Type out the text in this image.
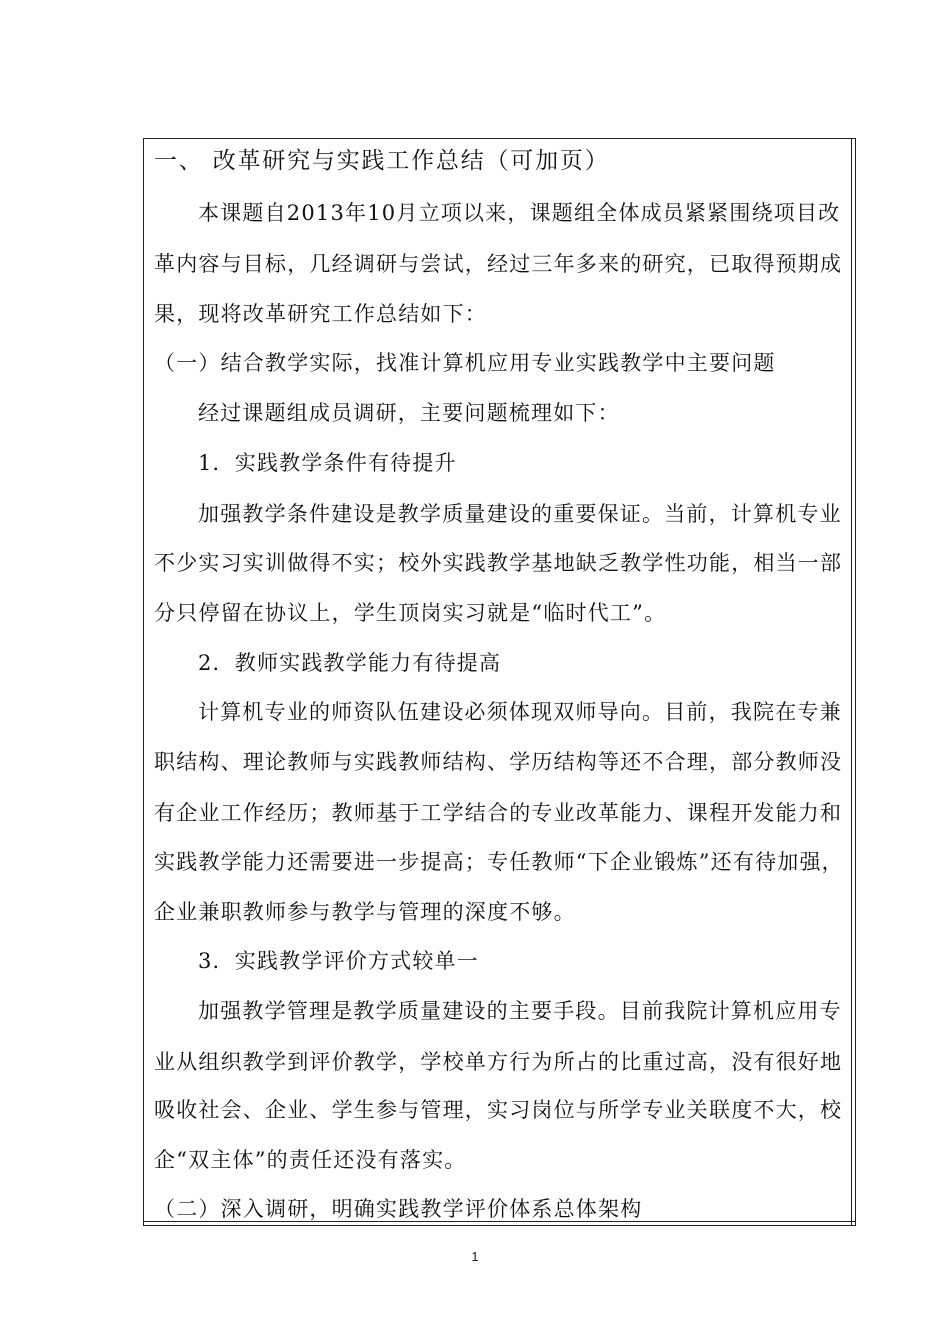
一、 改革研究与实践工作总结（可加页）
本课题自2013年10月立项以来，课题组全体成员紧紧围绕项目改
革内容与目标，几经调研与尝试，经过三年多来的研究，已取得预期成
果，现将改革研究工作总结如下：
（一）结合教学实际，找准计算机应用专业实践教学中主要问题
经过课题组成员调研，主要问题梳理如下：
1．实践教学条件有待提升
加强教学条件建设是教学质量建设的重要保证。当前，计算机专业
不少实习实训做得不实；校外实践教学基地缺乏教学性功能，相当一部
分只停留在协议上，学生顶岗实习就是“临时代工”。
2．教师实践教学能力有待提高
计算机专业的师资队伍建设必须体现双师导向。目前，我院在专兼
职结构、理论教师与实践教师结构、学历结构等还不合理，部分教师没
有企业工作经历；教师基于工学结合的专业改革能力、课程开发能力和
实践教学能力还需要进一步提高；专任教师“下企业锻炼”还有待加强，
企业兼职教师参与教学与管理的深度不够。
3．实践教学评价方式较单一
加强教学管理是教学质量建设的主要手段。目前我院计算机应用专
业从组织教学到评价教学，学校单方行为所占的比重过高，没有很好地
吸收社会、企业、学生参与管理，实习岗位与所学专业关联度不大，校
企“双主体”的责任还没有落实。
（二）深入调研，明确实践教学评价体系总体架构
1
